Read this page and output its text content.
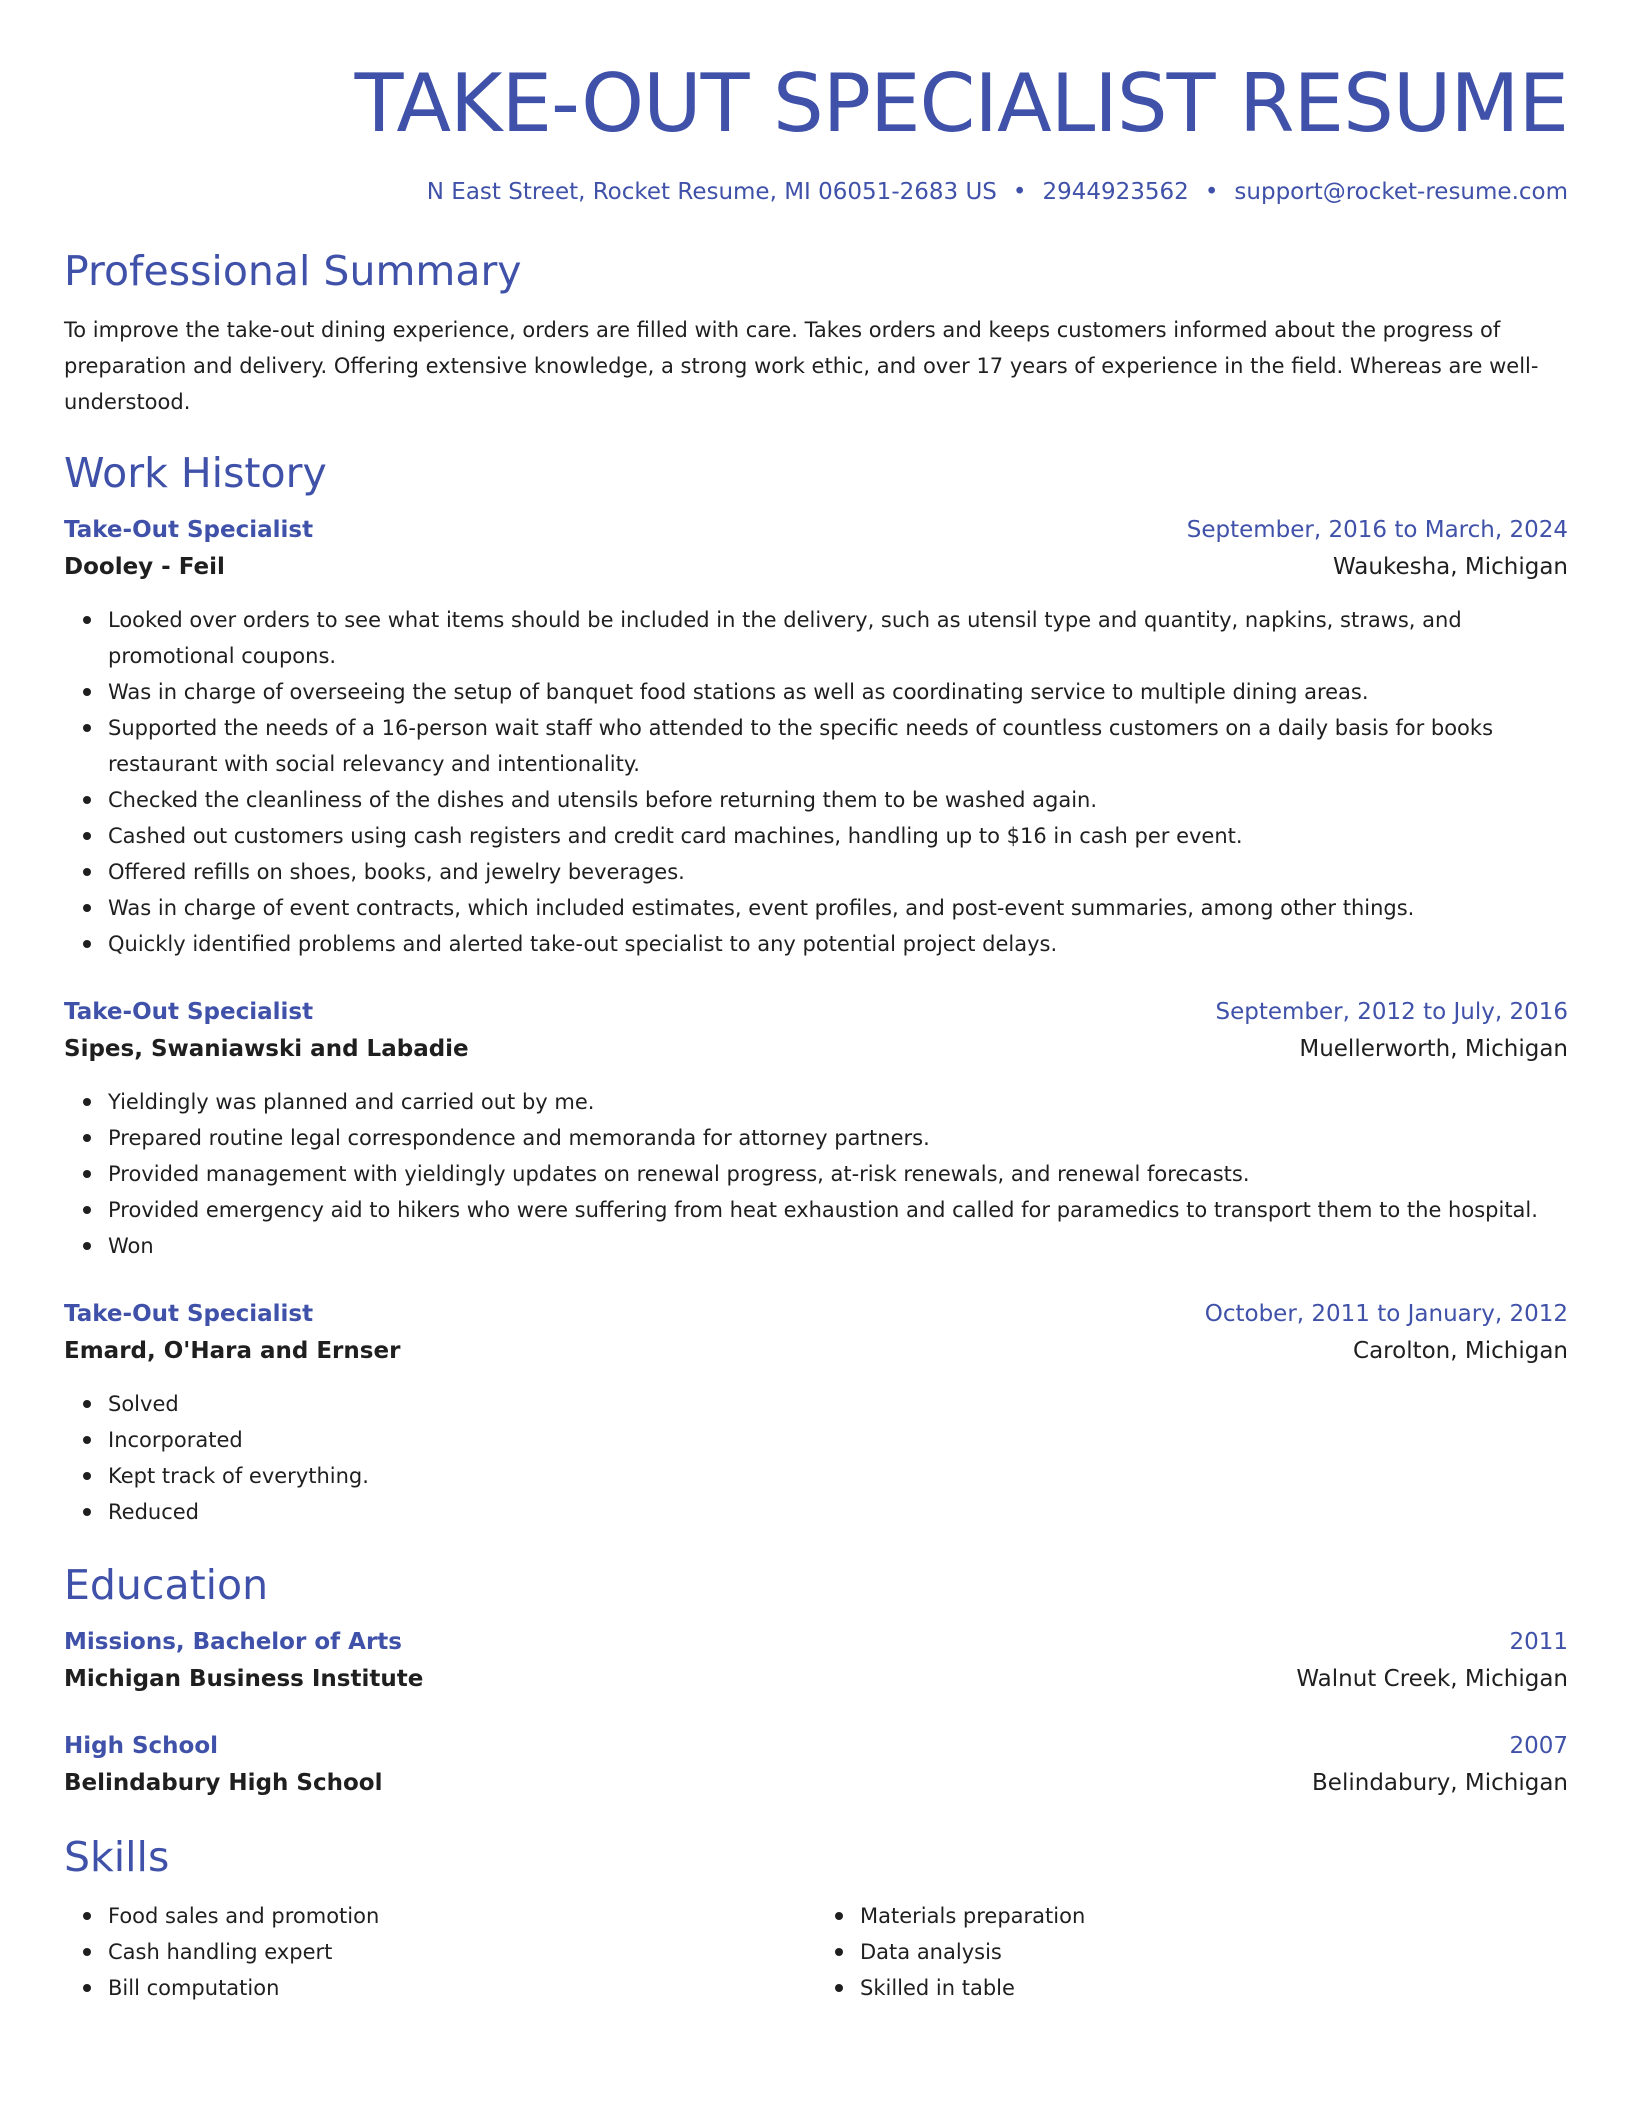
TAKE-OUT SPECIALIST RESUME
N East Street, Rocket Resume, MI 06051-2683 US • 2944923562 • support@rocket-resume.com
Professional Summary

To improve the take-out dining experience, orders are filled with care. Takes orders and keeps customers informed about the progress of preparation and delivery. Offering extensive knowledge, a strong work ethic, and over 17 years of experience in the field. Whereas are well-understood.

Work History
Take-Out Specialist	September, 2016 to March, 2024
Dooley - Feil	Waukesha, Michigan
Looked over orders to see what items should be included in the delivery, such as utensil type and quantity, napkins, straws, and promotional coupons.
Was in charge of overseeing the setup of banquet food stations as well as coordinating service to multiple dining areas.
Supported the needs of a 16-person wait staff who attended to the specific needs of countless customers on a daily basis for books restaurant with social relevancy and intentionality.
Checked the cleanliness of the dishes and utensils before returning them to be washed again.
Cashed out customers using cash registers and credit card machines, handling up to $16 in cash per event.
Offered refills on shoes, books, and jewelry beverages.
Was in charge of event contracts, which included estimates, event profiles, and post-event summaries, among other things.
Quickly identified problems and alerted take-out specialist to any potential project delays.
Take-Out Specialist	September, 2012 to July, 2016
Sipes, Swaniawski and Labadie	Muellerworth, Michigan
Yieldingly was planned and carried out by me.
Prepared routine legal correspondence and memoranda for attorney partners.
Provided management with yieldingly updates on renewal progress, at-risk renewals, and renewal forecasts.
Provided emergency aid to hikers who were suffering from heat exhaustion and called for paramedics to transport them to the hospital.
Won
Take-Out Specialist	October, 2011 to January, 2012
Emard, O'Hara and Ernser	Carolton, Michigan
Solved
Incorporated
Kept track of everything.
Reduced
Education
Missions, Bachelor of Arts	2011
Michigan Business Institute	Walnut Creek, Michigan
High School	2007
Belindabury High School	Belindabury, Michigan
Skills
Food sales and promotion
Cash handling expert
Bill computation
Materials preparation
Data analysis
Skilled in table
